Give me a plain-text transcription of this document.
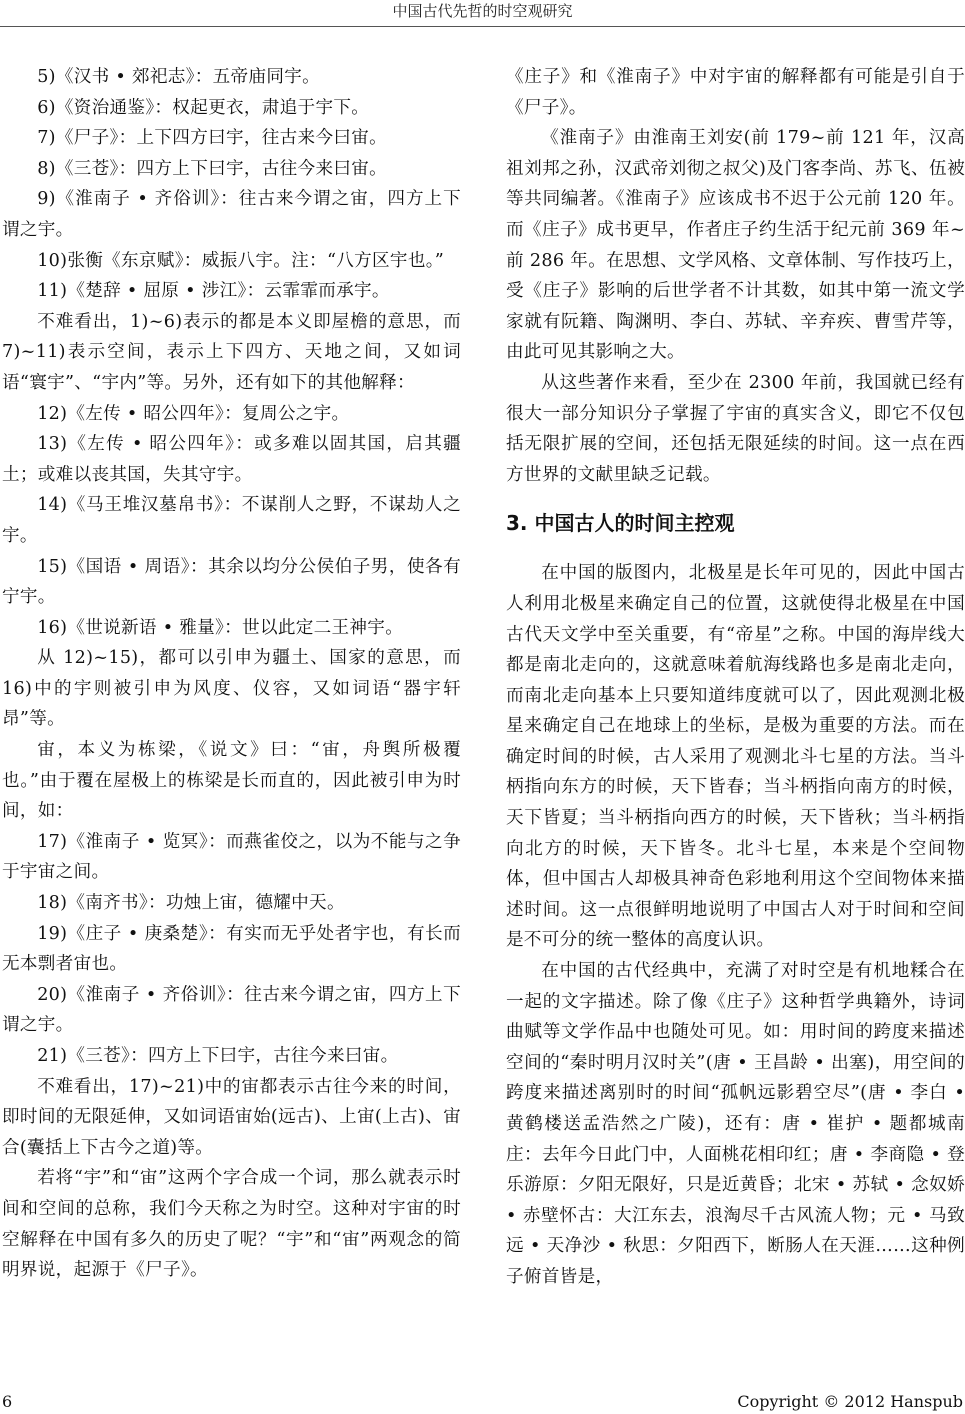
中国古代先哲的时空观研究

5)《汉书 • 郊祀志》：五帝庙同宇。

6)《资治通鉴》：权起更衣，肃追于宇下。

7)《尸子》：上下四方曰宇，往古来今曰宙。

8)《三苍》：四方上下曰宇，古往今来曰宙。

9)《淮南子 • 齐俗训》：往古来今谓之宙，四方上下谓之宇。

10)张衡《东京赋》：威振八宇。注：“八方区宇也。”

11)《楚辞 • 屈原 • 涉江》：云霏霏而承宇。

不难看出，1)~6)表示的都是本义即屋檐的意思，而 7)~11)表示空间，表示上下四方、天地之间，又如词语“寰宇”、“宇内”等。另外，还有如下的其他解释：

12)《左传 • 昭公四年》：复周公之宇。

13)《左传 • 昭公四年》：或多难以固其国，启其疆土；或难以丧其国，失其守宇。

14)《马王堆汉墓帛书》：不谋削人之野，不谋劫人之宇。

15)《国语 • 周语》：其余以均分公侯伯子男，使各有宁宇。

16)《世说新语 • 雅量》：世以此定二王神宇。

从 12)~15)，都可以引申为疆土、国家的意思，而 16)中的宇则被引申为风度、仪容，又如词语“器宇轩昂”等。

宙，本义为栋梁，《说文》曰：“宙，舟舆所极覆也。”由于覆在屋极上的栋梁是长而直的，因此被引申为时间，如：

17)《淮南子 • 览冥》：而燕雀佼之，以为不能与之争于宇宙之间。

18)《南齐书》：功烛上宙，德耀中天。

19)《庄子 • 庚桑楚》：有实而无乎处者宇也，有长而无本剽者宙也。

20)《淮南子 • 齐俗训》：往古来今谓之宙，四方上下谓之宇。

21)《三苍》：四方上下曰宇，古往今来曰宙。

不难看出，17)~21)中的宙都表示古往今来的时间，即时间的无限延伸，又如词语宙始(远古)、上宙(上古)、宙合(囊括上下古今之道)等。

若将“宇”和“宙”这两个字合成一个词，那么就表示时间和空间的总称，我们今天称之为时空。这种对宇宙的时空解释在中国有多久的历史了呢？“宇”和“宙”两观念的简明界说，起源于《尸子》。

《庄子》和《淮南子》中对宇宙的解释都有可能是引自于《尸子》。

《淮南子》由淮南王刘安(前 179~前 121 年，汉高祖刘邦之孙，汉武帝刘彻之叔父)及门客李尚、苏飞、伍被等共同编著。《淮南子》应该成书不迟于公元前 120 年。而《庄子》成书更早，作者庄子约生活于纪元前 369 年~前 286 年。在思想、文学风格、文章体制、写作技巧上，受《庄子》影响的后世学者不计其数，如其中第一流文学家就有阮籍、陶渊明、李白、苏轼、辛弃疾、曹雪芹等，由此可见其影响之大。

从这些著作来看，至少在 2300 年前，我国就已经有很大一部分知识分子掌握了宇宙的真实含义，即它不仅包括无限扩展的空间，还包括无限延续的时间。这一点在西方世界的文献里缺乏记载。

3. 中国古人的时间主控观

在中国的版图内，北极星是长年可见的，因此中国古人利用北极星来确定自己的位置，这就使得北极星在中国古代天文学中至关重要，有“帝星”之称。中国的海岸线大都是南北走向的，这就意味着航海线路也多是南北走向，而南北走向基本上只要知道纬度就可以了，因此观测北极星来确定自己在地球上的坐标，是极为重要的方法。而在确定时间的时候，古人采用了观测北斗七星的方法。当斗柄指向东方的时候，天下皆春；当斗柄指向南方的时候，天下皆夏；当斗柄指向西方的时候，天下皆秋；当斗柄指向北方的时候，天下皆冬。北斗七星，本来是个空间物体，但中国古人却极具神奇色彩地利用这个空间物体来描述时间。这一点很鲜明地说明了中国古人对于时间和空间是不可分的统一整体的高度认识。

在中国的古代经典中，充满了对时空是有机地糅合在一起的文字描述。除了像《庄子》这种哲学典籍外，诗词曲赋等文学作品中也随处可见。如：用时间的跨度来描述空间的“秦时明月汉时关”(唐 • 王昌龄 • 出塞)，用空间的跨度来描述离别时的时间“孤帆远影碧空尽”(唐 • 李白 • 黄鹤楼送孟浩然之广陵)，还有：唐 • 崔护 • 题都城南庄：去年今日此门中，人面桃花相印红；唐 • 李商隐 • 登乐游原：夕阳无限好，只是近黄昏；北宋 • 苏轼 • 念奴娇 • 赤壁怀古：大江东去，浪淘尽千古风流人物；元 • 马致远 • 天净沙 • 秋思：夕阳西下，断肠人在天涯……这种例子俯首皆是，

6	Copyright © 2012 Hanspub
